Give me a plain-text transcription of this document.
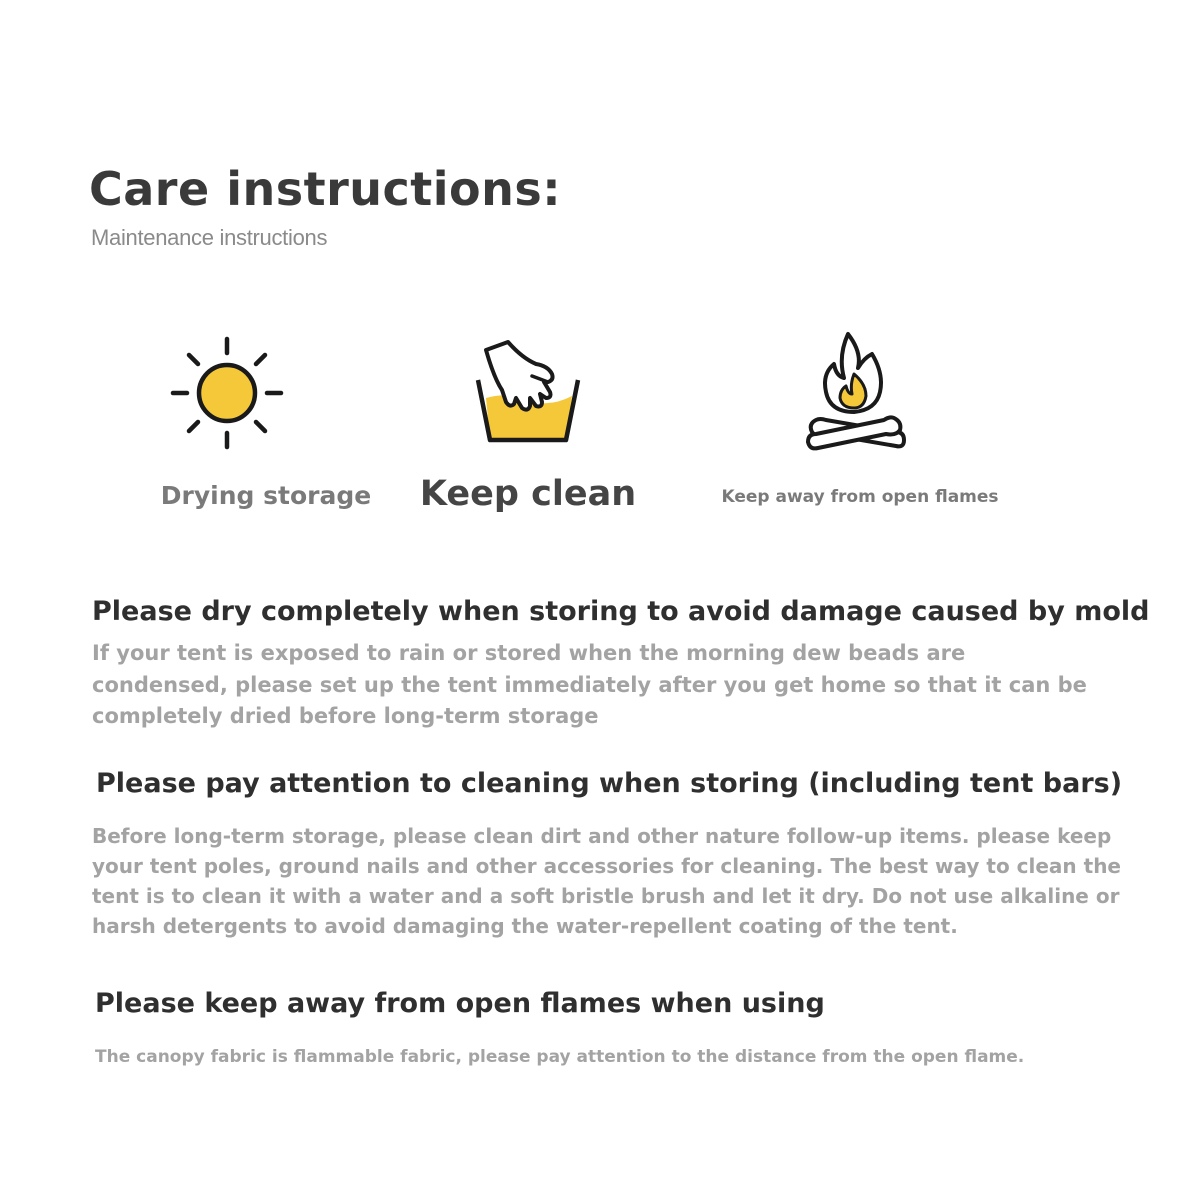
Care instructions:

Maintenance instructions

Drying storage Keep clean	Keep away from open flames

Please dry completely when storing to avoid damage caused by mold

If your tent is exposed to rain or stored when the morning dew beads are condensed, please set up the tent immediately after you get home so that it can be completely dried before long-term storage

Please pay attention to cleaning when storing (including tent bars)

Before long-term storage, please clean dirt and other nature follow-up items. please keep your tent poles, ground nails and other accessories for cleaning. The best way to clean the tent is to clean it with a water and a soft bristle brush and let it dry. Do not use alkaline or harsh detergents to avoid damaging the water-repellent coating of the tent.

Please keep away from open flames when using

The canopy fabric is flammable fabric, please pay attention to the distance from the open flame.
